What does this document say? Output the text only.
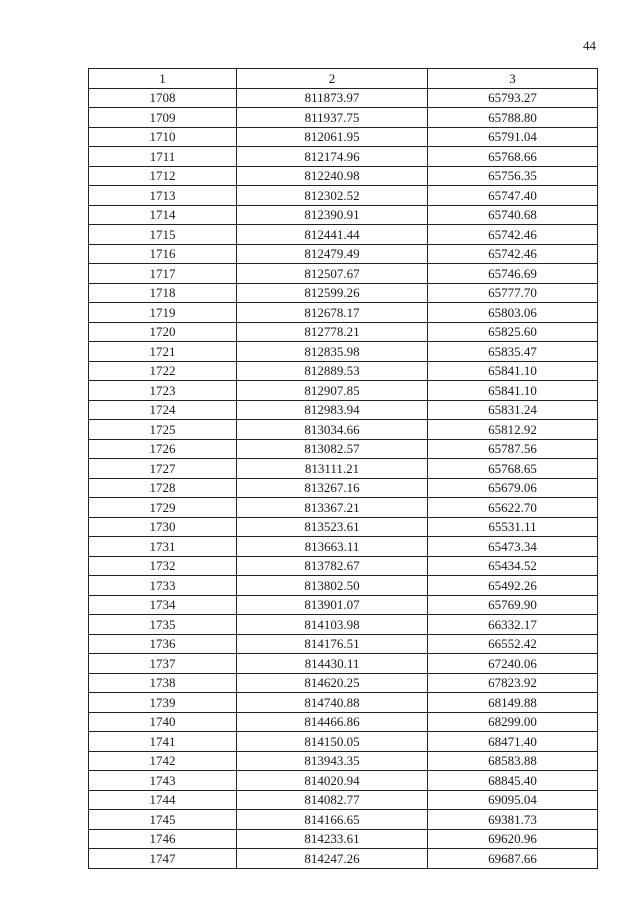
44
1	2	3
1708	811873.97	65793.27
1709	811937.75	65788.80
1710	812061.95	65791.04
1711	812174.96	65768.66
1712	812240.98	65756.35
1713	812302.52	65747.40
1714	812390.91	65740.68
1715	812441.44	65742.46
1716	812479.49	65742.46
1717	812507.67	65746.69
1718	812599.26	65777.70
1719	812678.17	65803.06
1720	812778.21	65825.60
1721	812835.98	65835.47
1722	812889.53	65841.10
1723	812907.85	65841.10
1724	812983.94	65831.24
1725	813034.66	65812.92
1726	813082.57	65787.56
1727	813111.21	65768.65
1728	813267.16	65679.06
1729	813367.21	65622.70
1730	813523.61	65531.11
1731	813663.11	65473.34
1732	813782.67	65434.52
1733	813802.50	65492.26
1734	813901.07	65769.90
1735	814103.98	66332.17
1736	814176.51	66552.42
1737	814430.11	67240.06
1738	814620.25	67823.92
1739	814740.88	68149.88
1740	814466.86	68299.00
1741	814150.05	68471.40
1742	813943.35	68583.88
1743	814020.94	68845.40
1744	814082.77	69095.04
1745	814166.65	69381.73
1746	814233.61	69620.96
1747	814247.26	69687.66
